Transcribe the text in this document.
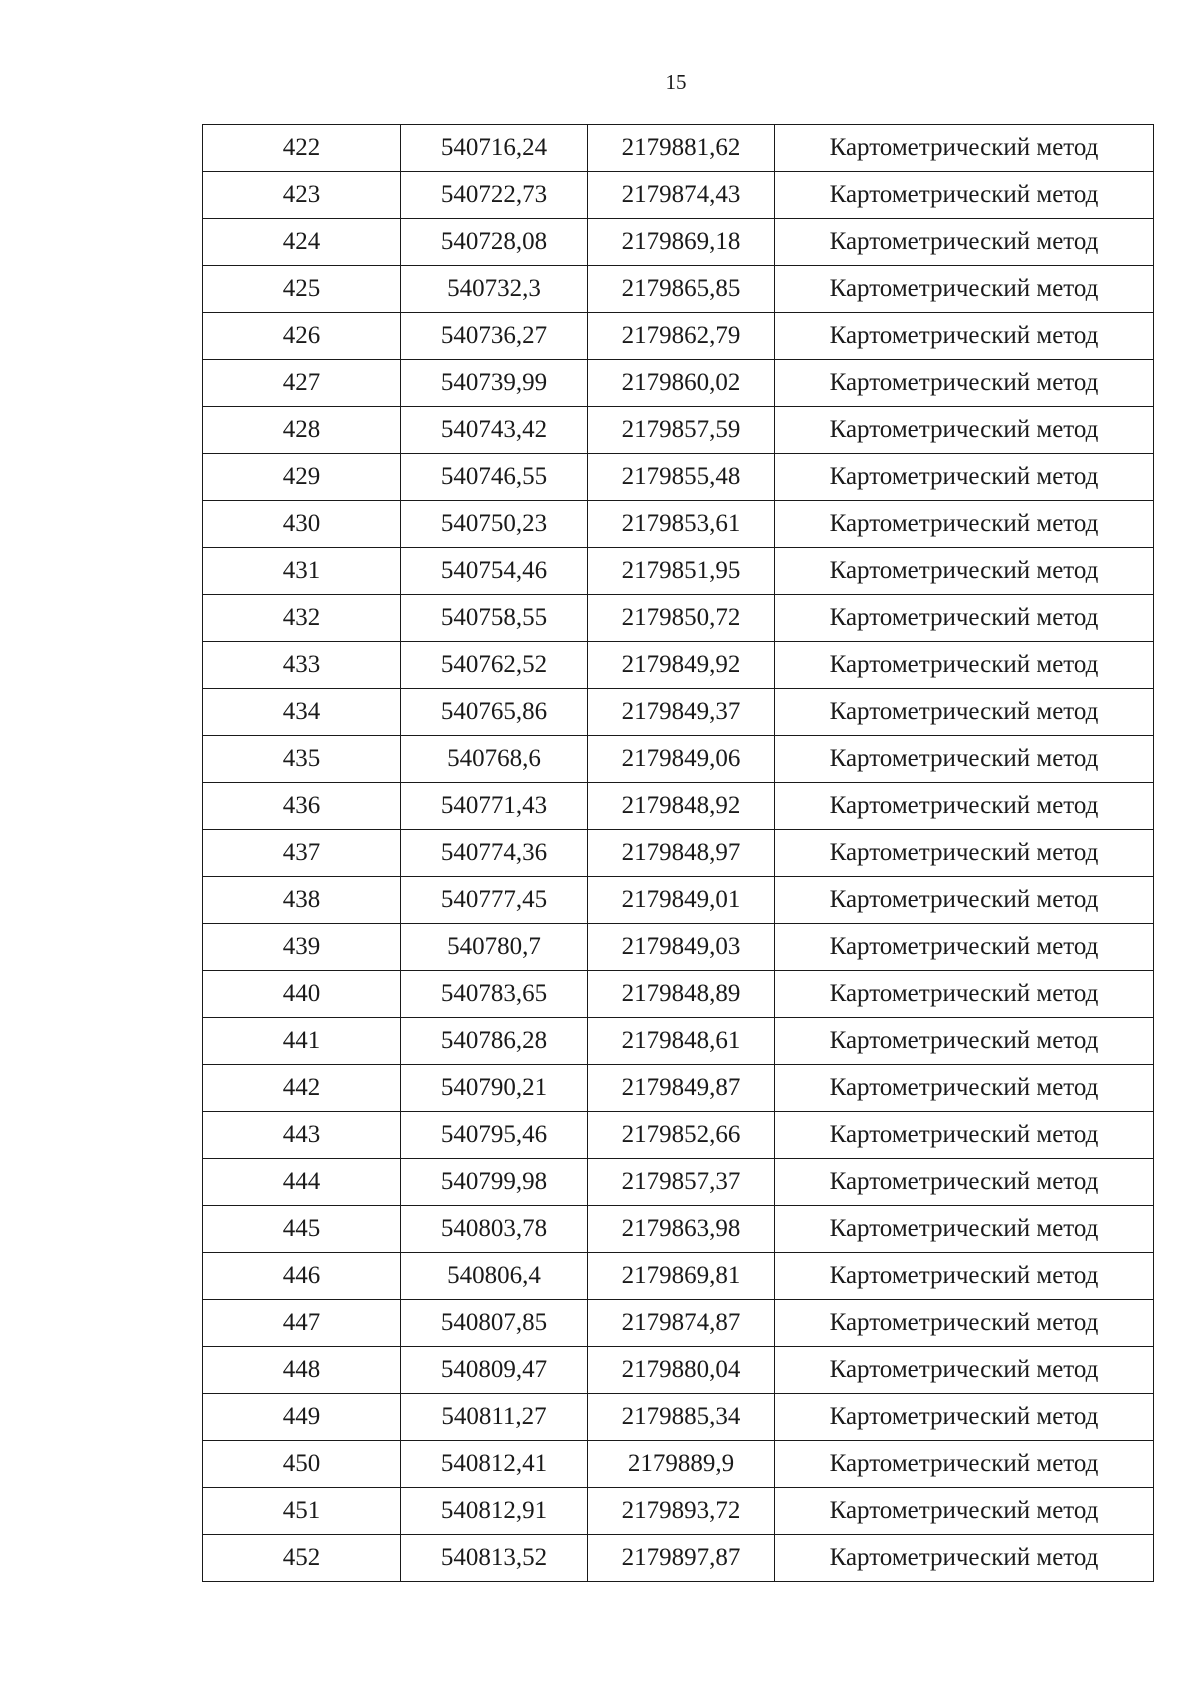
15
422	540716,24	2179881,62	Картометрический метод
423	540722,73	2179874,43	Картометрический метод
424	540728,08	2179869,18	Картометрический метод
425	540732,3	2179865,85	Картометрический метод
426	540736,27	2179862,79	Картометрический метод
427	540739,99	2179860,02	Картометрический метод
428	540743,42	2179857,59	Картометрический метод
429	540746,55	2179855,48	Картометрический метод
430	540750,23	2179853,61	Картометрический метод
431	540754,46	2179851,95	Картометрический метод
432	540758,55	2179850,72	Картометрический метод
433	540762,52	2179849,92	Картометрический метод
434	540765,86	2179849,37	Картометрический метод
435	540768,6	2179849,06	Картометрический метод
436	540771,43	2179848,92	Картометрический метод
437	540774,36	2179848,97	Картометрический метод
438	540777,45	2179849,01	Картометрический метод
439	540780,7	2179849,03	Картометрический метод
440	540783,65	2179848,89	Картометрический метод
441	540786,28	2179848,61	Картометрический метод
442	540790,21	2179849,87	Картометрический метод
443	540795,46	2179852,66	Картометрический метод
444	540799,98	2179857,37	Картометрический метод
445	540803,78	2179863,98	Картометрический метод
446	540806,4	2179869,81	Картометрический метод
447	540807,85	2179874,87	Картометрический метод
448	540809,47	2179880,04	Картометрический метод
449	540811,27	2179885,34	Картометрический метод
450	540812,41	2179889,9	Картометрический метод
451	540812,91	2179893,72	Картометрический метод
452	540813,52	2179897,87	Картометрический метод
